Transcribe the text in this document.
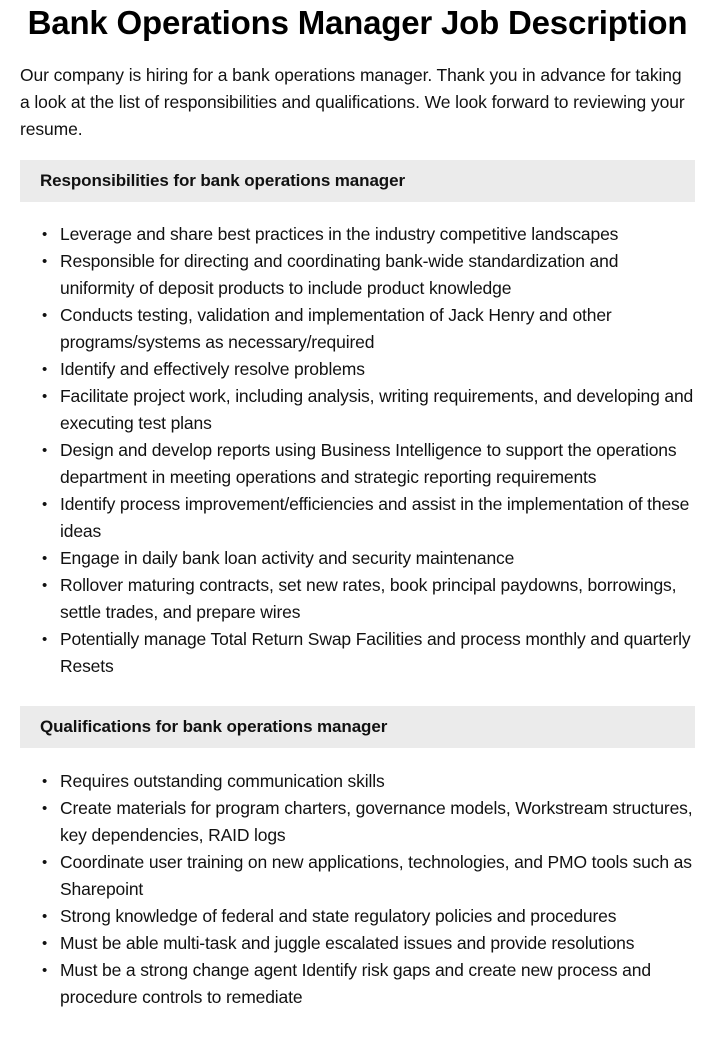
Bank Operations Manager Job Description

Our company is hiring for a bank operations manager. Thank you in advance for taking a look at the list of responsibilities and qualifications. We look forward to reviewing your resume.

Responsibilities for bank operations manager
• Leverage and share best practices in the industry competitive landscapes
• Responsible for directing and coordinating bank-wide standardization and uniformity of deposit products to include product knowledge
• Conducts testing, validation and implementation of Jack Henry and other programs/systems as necessary/required
• Identify and effectively resolve problems
• Facilitate project work, including analysis, writing requirements, and developing and executing test plans
• Design and develop reports using Business Intelligence to support the operations department in meeting operations and strategic reporting requirements
• Identify process improvement/efficiencies and assist in the implementation of these ideas
• Engage in daily bank loan activity and security maintenance
• Rollover maturing contracts, set new rates, book principal paydowns, borrowings, settle trades, and prepare wires
• Potentially manage Total Return Swap Facilities and process monthly and quarterly Resets
Qualifications for bank operations manager
• Requires outstanding communication skills
• Create materials for program charters, governance models, Workstream structures, key dependencies, RAID logs
• Coordinate user training on new applications, technologies, and PMO tools such as Sharepoint
• Strong knowledge of federal and state regulatory policies and procedures
• Must be able multi-task and juggle escalated issues and provide resolutions
• Must be a strong change agent Identify risk gaps and create new process and procedure controls to remediate
